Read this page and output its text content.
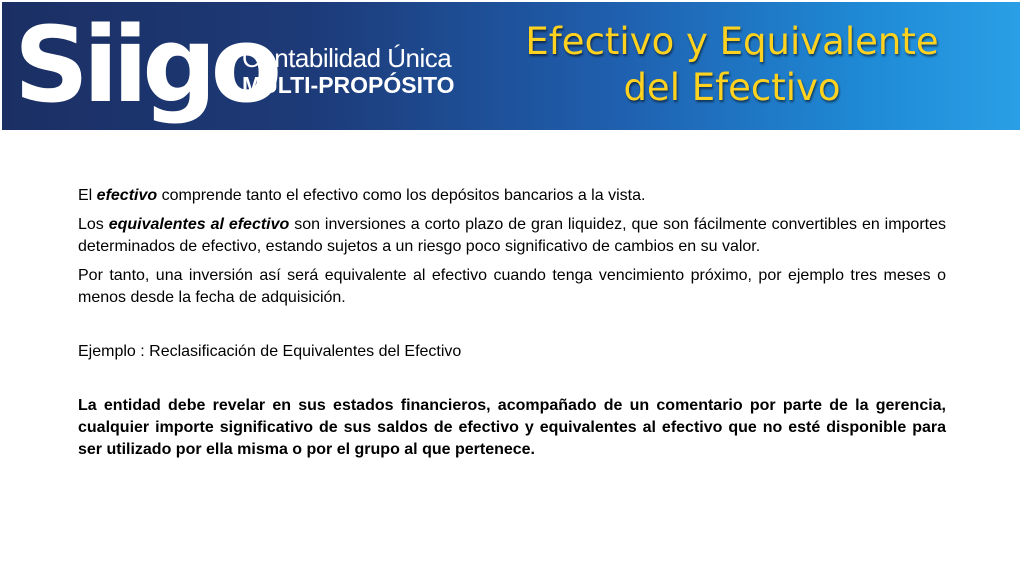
Siigo
Contabilidad Única
MULTI-PROPÓSITO
Efectivo y Equivalente
del Efectivo

El efectivo comprende tanto el efectivo como los depósitos bancarios a la vista.

Los equivalentes al efectivo son inversiones a corto plazo de gran liquidez, que son fácilmente convertibles en importes determinados de efectivo, estando sujetos a un riesgo poco significativo de cambios en su valor.

Por tanto, una inversión así será equivalente al efectivo cuando tenga vencimiento próximo, por ejemplo tres meses o menos desde la fecha de adquisición.

Ejemplo : Reclasificación de Equivalentes del Efectivo

La entidad debe revelar en sus estados financieros, acompañado de un comentario por parte de la gerencia, cualquier importe significativo de sus saldos de efectivo y equivalentes al efectivo que no esté disponible para ser utilizado por ella misma o por el grupo al que pertenece.
